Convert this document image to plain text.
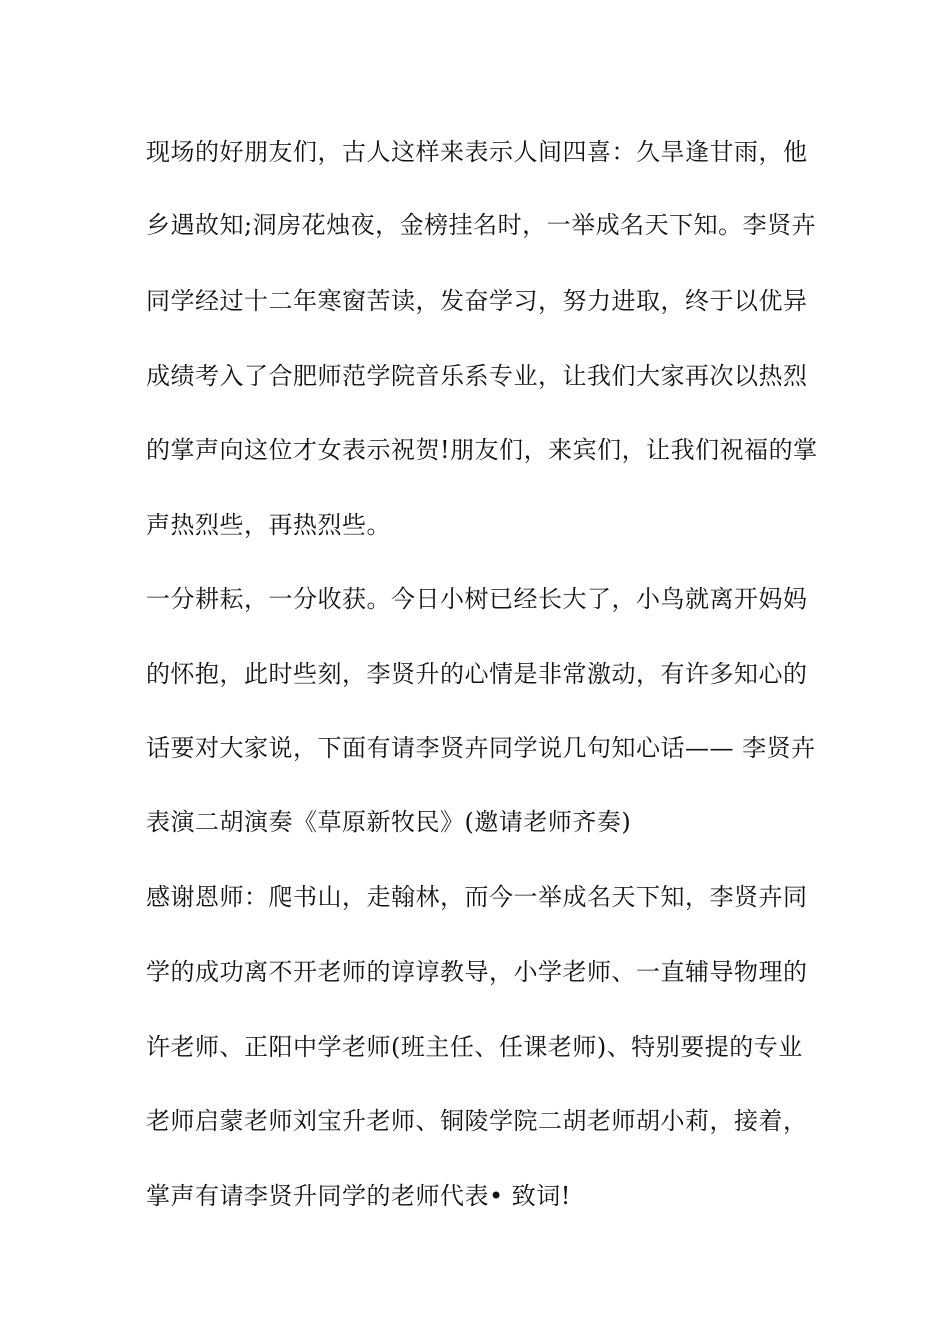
现场的好朋友们，古人这样来表示人间四喜：久旱逢甘雨，他
乡遇故知;洞房花烛夜，金榜挂名时，一举成名天下知。李贤卉
同学经过十二年寒窗苦读，发奋学习，努力进取，终于以优异
成绩考入了合肥师范学院音乐系专业，让我们大家再次以热烈
的掌声向这位才女表示祝贺!朋友们，来宾们，让我们祝福的掌
声热烈些，再热烈些。
一分耕耘，一分收获。今日小树已经长大了，小鸟就离开妈妈
的怀抱，此时些刻，李贤升的心情是非常激动，有许多知心的
话要对大家说，下面有请李贤卉同学说几句知心话—— 李贤卉
表演二胡演奏《草原新牧民》(邀请老师齐奏)
感谢恩师：爬书山，走翰林，而今一举成名天下知，李贤卉同
学的成功离不开老师的谆谆教导，小学老师、一直辅导物理的
许老师、正阳中学老师(班主任、任课老师)、特别要提的专业
老师启蒙老师刘宝升老师、铜陵学院二胡老师胡小莉，接着，
掌声有请李贤升同学的老师代表• 致词!
